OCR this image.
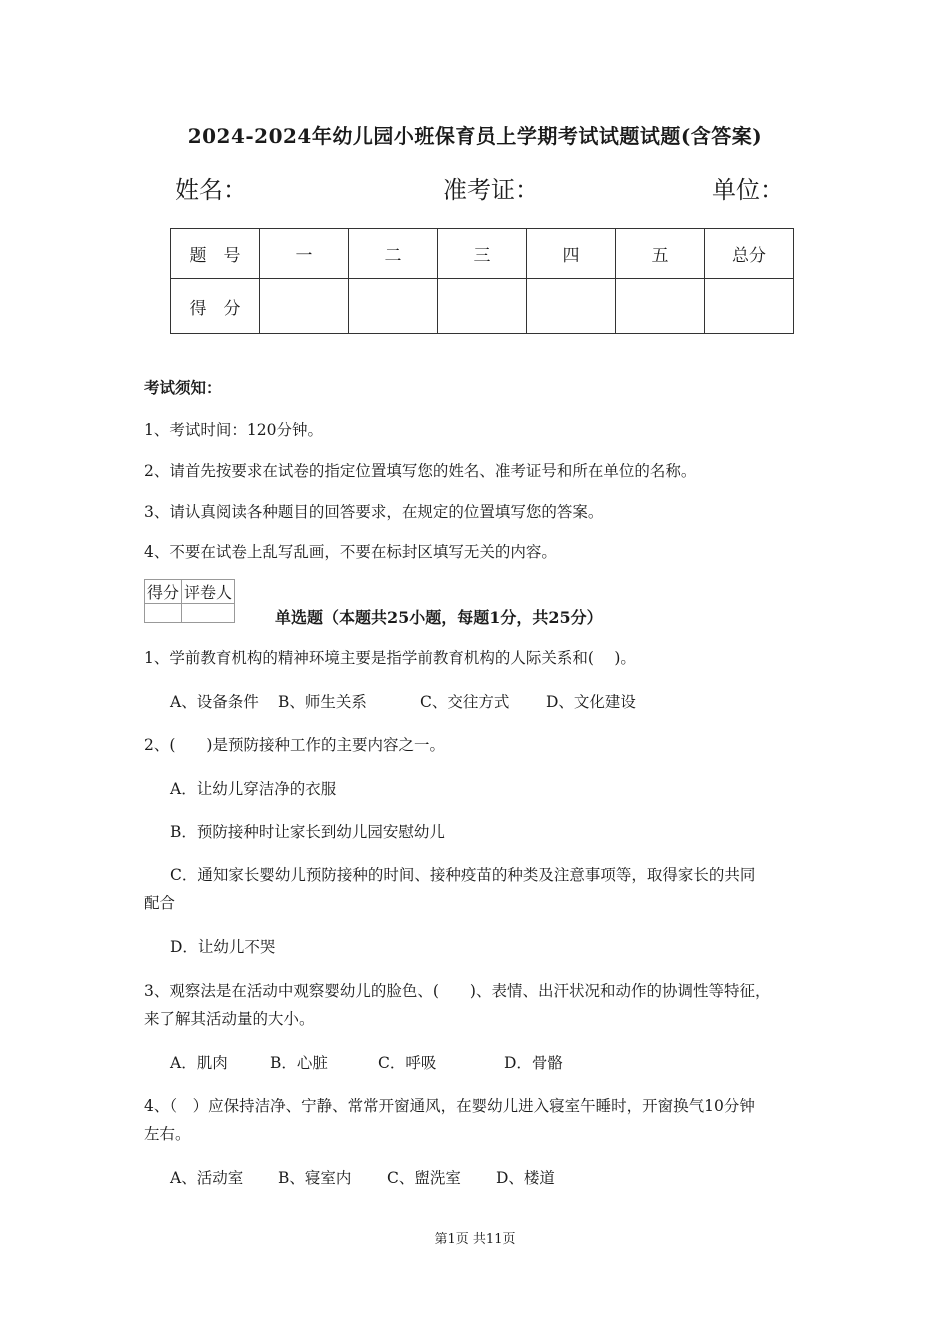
2024-2024年幼儿园小班保育员上学期考试试题试题(含答案)
姓名：	准考证：	单位：
题　号	一	二	三	四	五	总分
得　分						
考试须知：
1、考试时间：120分钟。
2、请首先按要求在试卷的指定位置填写您的姓名、准考证号和所在单位的名称。
3、请认真阅读各种题目的回答要求，在规定的位置填写您的答案。
4、不要在试卷上乱写乱画，不要在标封区填写无关的内容。
得分	评卷人

单选题（本题共25小题，每题1分，共25分）
1、学前教育机构的精神环境主要是指学前教育机构的人际关系和(　 )。
A、设备条件 B、师生关系	C、交往方式 D、文化建设
2、(　　)是预防接种工作的主要内容之一。
A．让幼儿穿洁净的衣服
B．预防接种时让家长到幼儿园安慰幼儿
C．通知家长婴幼儿预防接种的时间、接种疫苗的种类及注意事项等，取得家长的共同
配合
D．让幼儿不哭
3、观察法是在活动中观察婴幼儿的脸色、(　　)、表情、出汗状况和动作的协调性等特征，
来了解其活动量的大小。
A．肌肉	B．心脏	C．呼吸	D．骨骼
4、（　）应保持洁净、宁静、常常开窗通风，在婴幼儿进入寝室午睡时，开窗换气10分钟
左右。
A、活动室 B、寝室内 C、盥洗室 D、楼道
第1页 共11页
